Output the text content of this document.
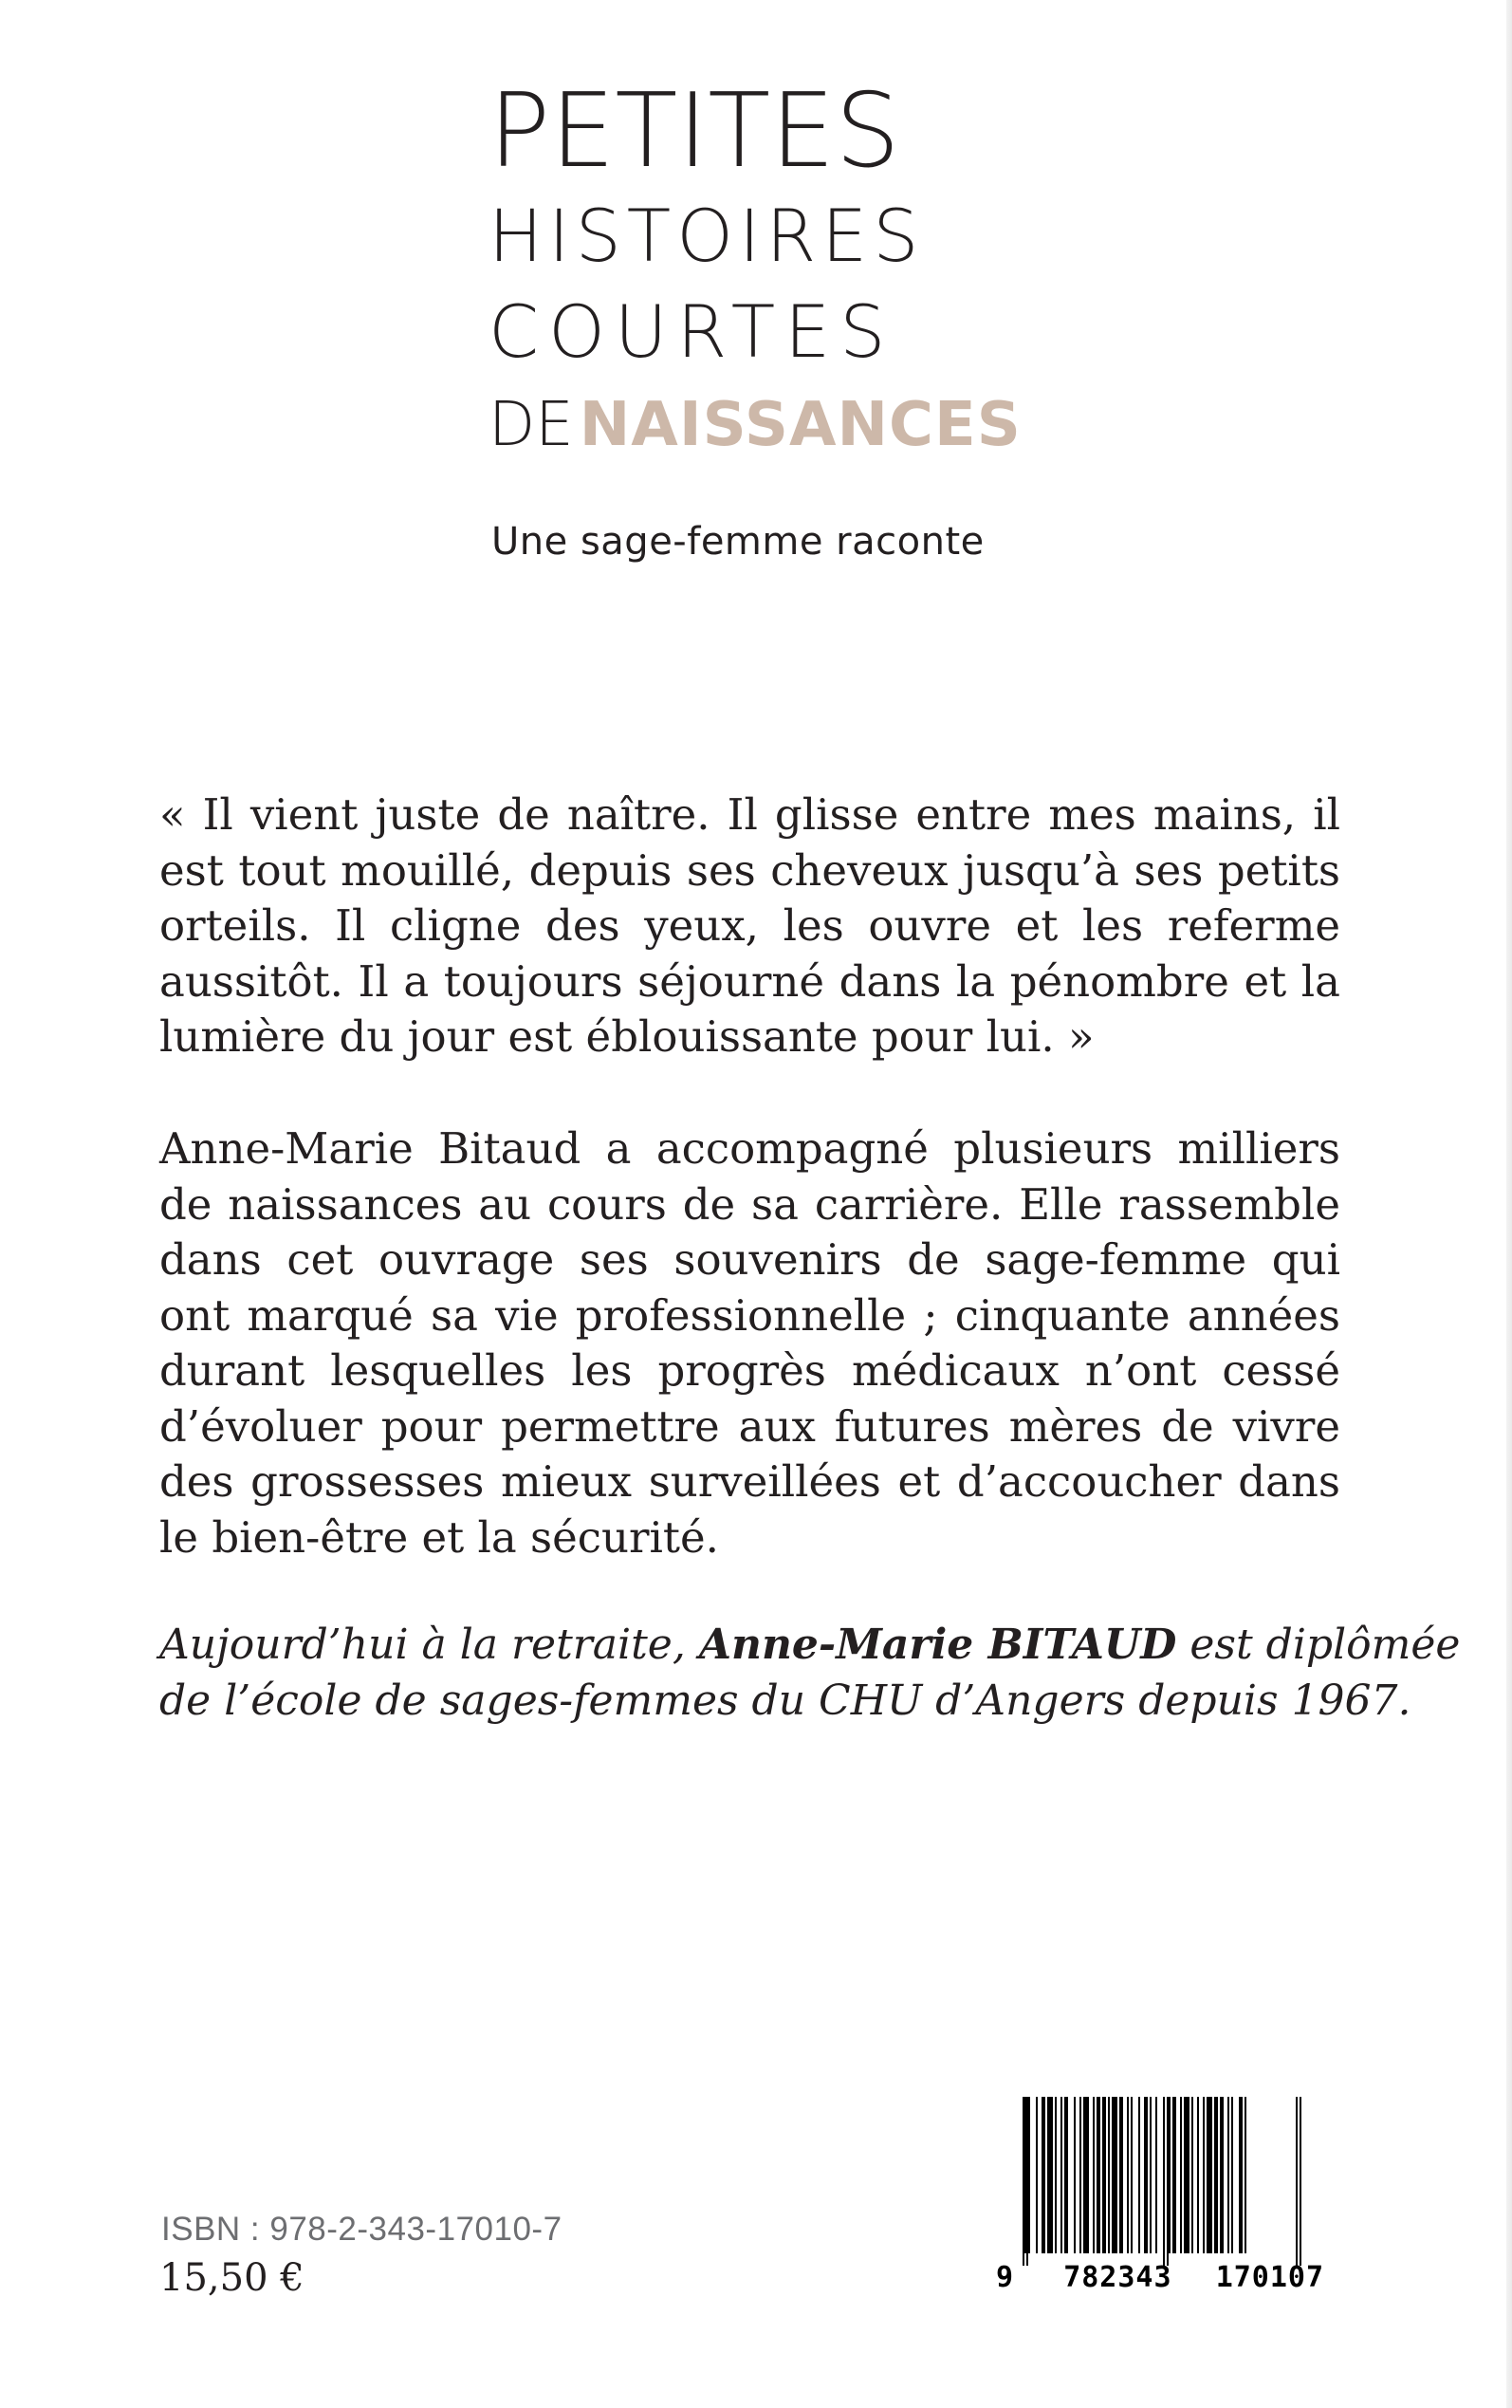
PETITES
HISTOIRES
COURTES
DENAISSANCES
Une sage-femme raconte

« Il vient juste de naître. Il glisse entre mes mains, il est tout mouillé, depuis ses cheveux jusqu’à ses petits orteils. Il cligne des yeux, les ouvre et les referme aussitôt. Il a toujours séjourné dans la pénombre et la lumière du jour est éblouissante pour lui. »

Anne-Marie Bitaud a accompagné plusieurs milliers de naissances au cours de sa carrière. Elle rassemble dans cet ouvrage ses souvenirs de sage-femme qui ont marqué sa vie professionnelle ; cinquante années durant lesquelles les progrès médicaux n’ont cessé d’évoluer pour permettre aux futures mères de vivre des grossesses mieux surveillées et d’accoucher dans le bien-être et la sécurité.

Aujourd’hui à la retraite, Anne-Marie BITAUD est diplômée
de l’école de sages-femmes du CHU d’Angers depuis 1967.

ISBN : 978-2-343-17010-7
15,50 €	9 782343 170107
